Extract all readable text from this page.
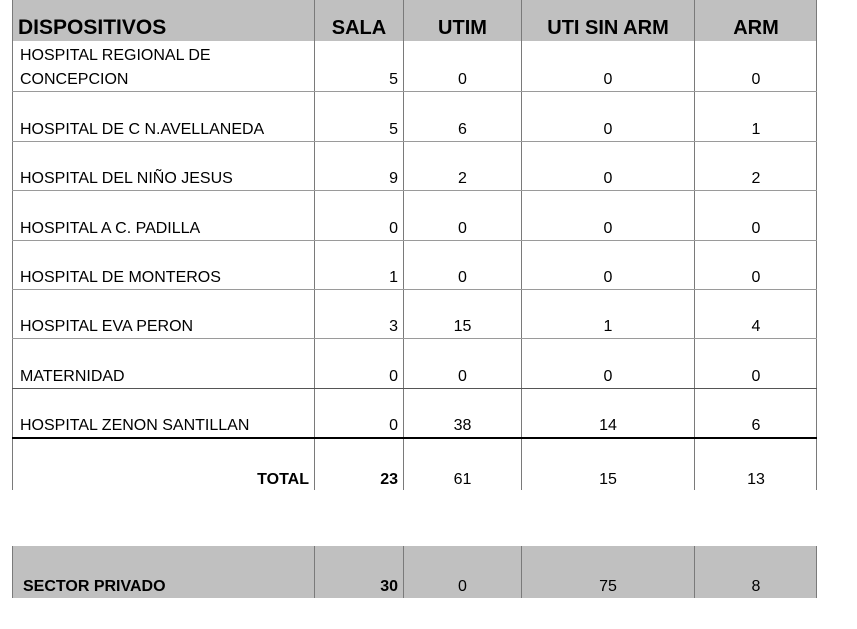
DISPOSITIVOS	SALA	UTIM	UTI SIN ARM	ARM
HOSPITAL REGIONAL DE
CONCEPCION	5	0	0	0
HOSPITAL DE C N.AVELLANEDA	5	6	0	1
HOSPITAL DEL NIÑO JESUS	9	2	0	2
HOSPITAL A C. PADILLA	0	0	0	0
HOSPITAL DE MONTEROS	1	0	0	0
HOSPITAL EVA PERON	3	15	1	4
MATERNIDAD	0	0	0	0
HOSPITAL ZENON SANTILLAN	0	38	14	6
TOTAL	23	61	15	13
SECTOR PRIVADO	30	0	75	8
